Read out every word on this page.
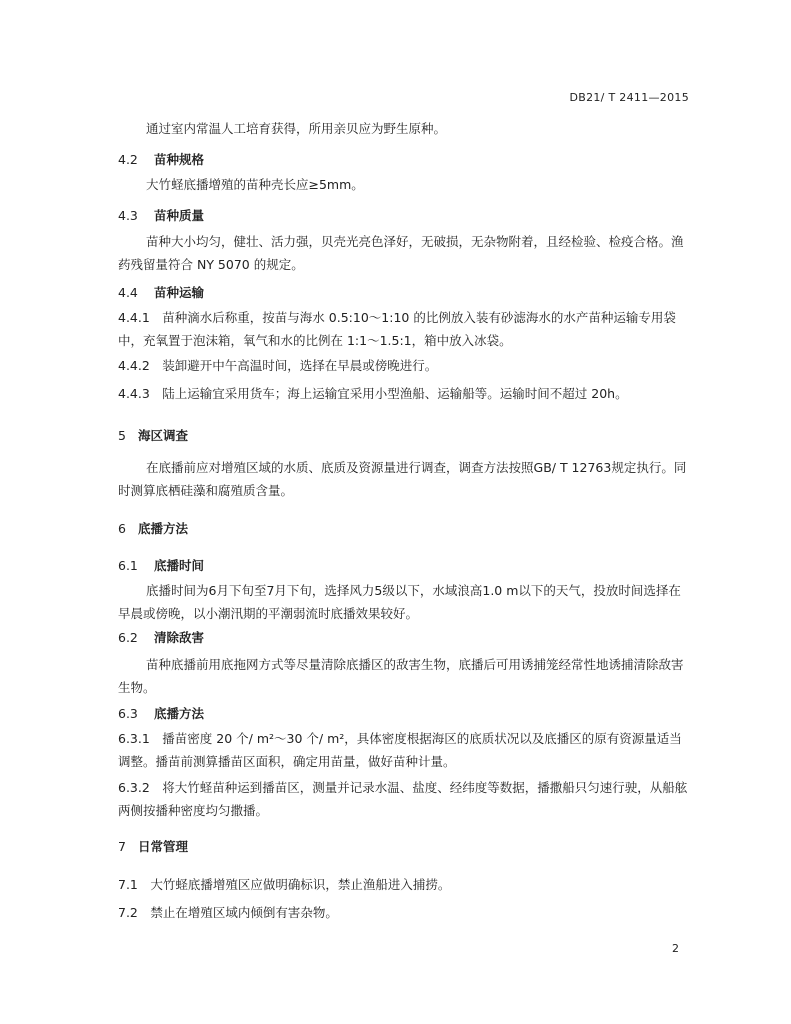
DB21/ T 2411—2015
通过室内常温人工培育获得，所用亲贝应为野生原种。
4.2 苗种规格
大竹蛏底播增殖的苗种壳长应≥5mm。
4.3 苗种质量
苗种大小均匀，健壮、活力强，贝壳光亮色泽好，无破损，无杂物附着，且经检验、检疫合格。渔药残留量符合 NY 5070 的规定。
4.4 苗种运输
4.4.1　苗种滴水后称重，按苗与海水 0.5:10～1:10 的比例放入装有砂滤海水的水产苗种运输专用袋中，充氧置于泡沫箱，氧气和水的比例在 1:1～1.5:1，箱中放入冰袋。
4.4.2　装卸避开中午高温时间，选择在早晨或傍晚进行。
4.4.3　陆上运输宜采用货车；海上运输宜采用小型渔船、运输船等。运输时间不超过 20h。
5 海区调查
在底播前应对增殖区域的水质、底质及资源量进行调查，调查方法按照GB/ T 12763规定执行。同时测算底栖硅藻和腐殖质含量。
6 底播方法
6.1 底播时间
底播时间为6月下旬至7月下旬，选择风力5级以下，水域浪高1.0 m以下的天气，投放时间选择在早晨或傍晚，以小潮汛期的平潮弱流时底播效果较好。
6.2 清除敌害
苗种底播前用底拖网方式等尽量清除底播区的敌害生物，底播后可用诱捕笼经常性地诱捕清除敌害生物。
6.3 底播方法
6.3.1　播苗密度 20 个/ m²～30 个/ m²，具体密度根据海区的底质状况以及底播区的原有资源量适当调整。播苗前测算播苗区面积，确定用苗量，做好苗种计量。
6.3.2　将大竹蛏苗种运到播苗区，测量并记录水温、盐度、经纬度等数据，播撒船只匀速行驶，从船舷两侧按播种密度均匀撒播。
7 日常管理
7.1　大竹蛏底播增殖区应做明确标识，禁止渔船进入捕捞。
7.2　禁止在增殖区域内倾倒有害杂物。
2
